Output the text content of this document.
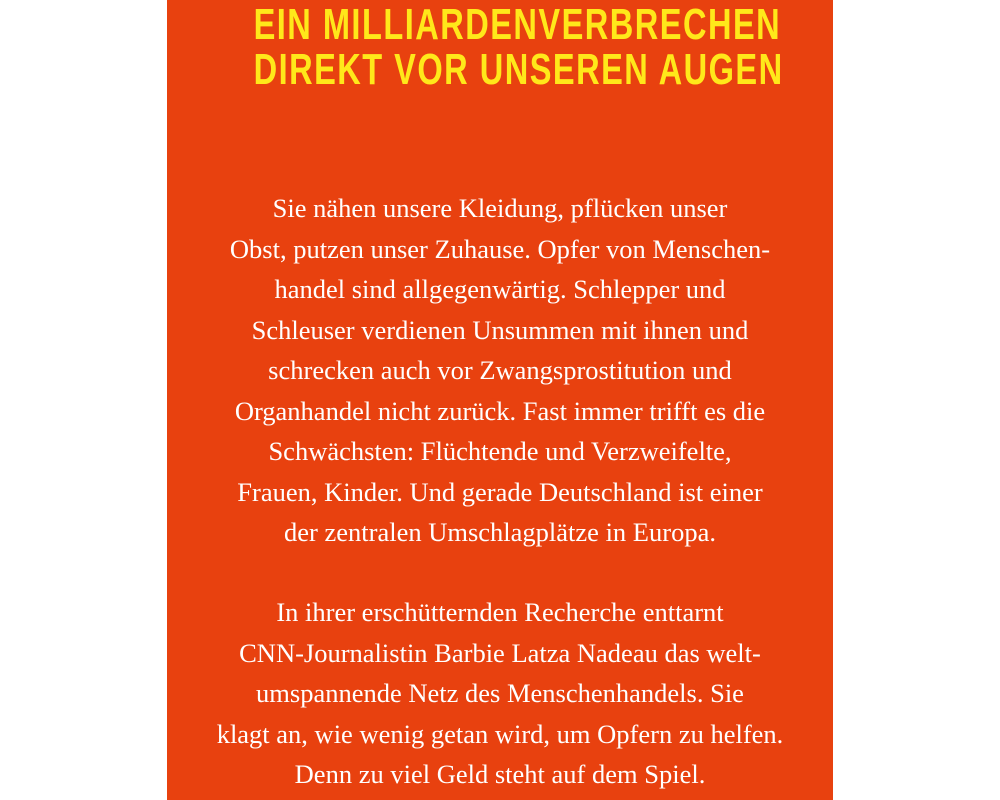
EIN MILLIARDENVERBRECHEN
DIREKT VOR UNSEREN AUGEN

Sie nähen unsere Kleidung, pflücken unser
Obst, putzen unser Zuhause. Opfer von Menschen-
handel sind allgegenwärtig. Schlepper und
Schleuser verdienen Unsummen mit ihnen und
schrecken auch vor Zwangsprostitution und
Organhandel nicht zurück. Fast immer trifft es die
Schwächsten: Flüchtende und Verzweifelte,
Frauen, Kinder. Und gerade Deutschland ist einer
der zentralen Umschlagplätze in Europa.

In ihrer erschütternden Recherche enttarnt
CNN-Journalistin Barbie Latza Nadeau das welt-
umspannende Netz des Menschenhandels. Sie
klagt an, wie wenig getan wird, um Opfern zu helfen.
Denn zu viel Geld steht auf dem Spiel.
